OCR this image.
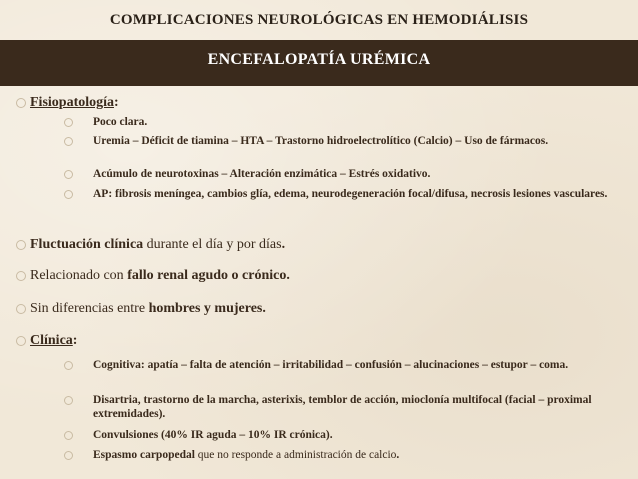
COMPLICACIONES NEUROLÓGICAS EN HEMODIÁLISIS
ENCEFALOPATÍA URÉMICA
Fisiopatología:
Poco clara.
Uremia – Déficit de tiamina – HTA – Trastorno hidroelectrolítico (Calcio) – Uso de fármacos.
Acúmulo de neurotoxinas – Alteración enzimática – Estrés oxidativo.
AP: fibrosis meníngea, cambios glía, edema, neurodegeneración focal/difusa, necrosis lesiones vasculares.
Fluctuación clínica durante el día y por días.
Relacionado con fallo renal agudo o crónico.
Sin diferencias entre hombres y mujeres.
Clínica:
Cognitiva: apatía – falta de atención – irritabilidad – confusión – alucinaciones – estupor – coma.
Disartria, trastorno de la marcha, asterixis, temblor de acción, mioclonía multifocal (facial – proximal extremidades).
Convulsiones (40% IR aguda – 10% IR crónica).
Espasmo carpopedal que no responde a administración de calcio.
